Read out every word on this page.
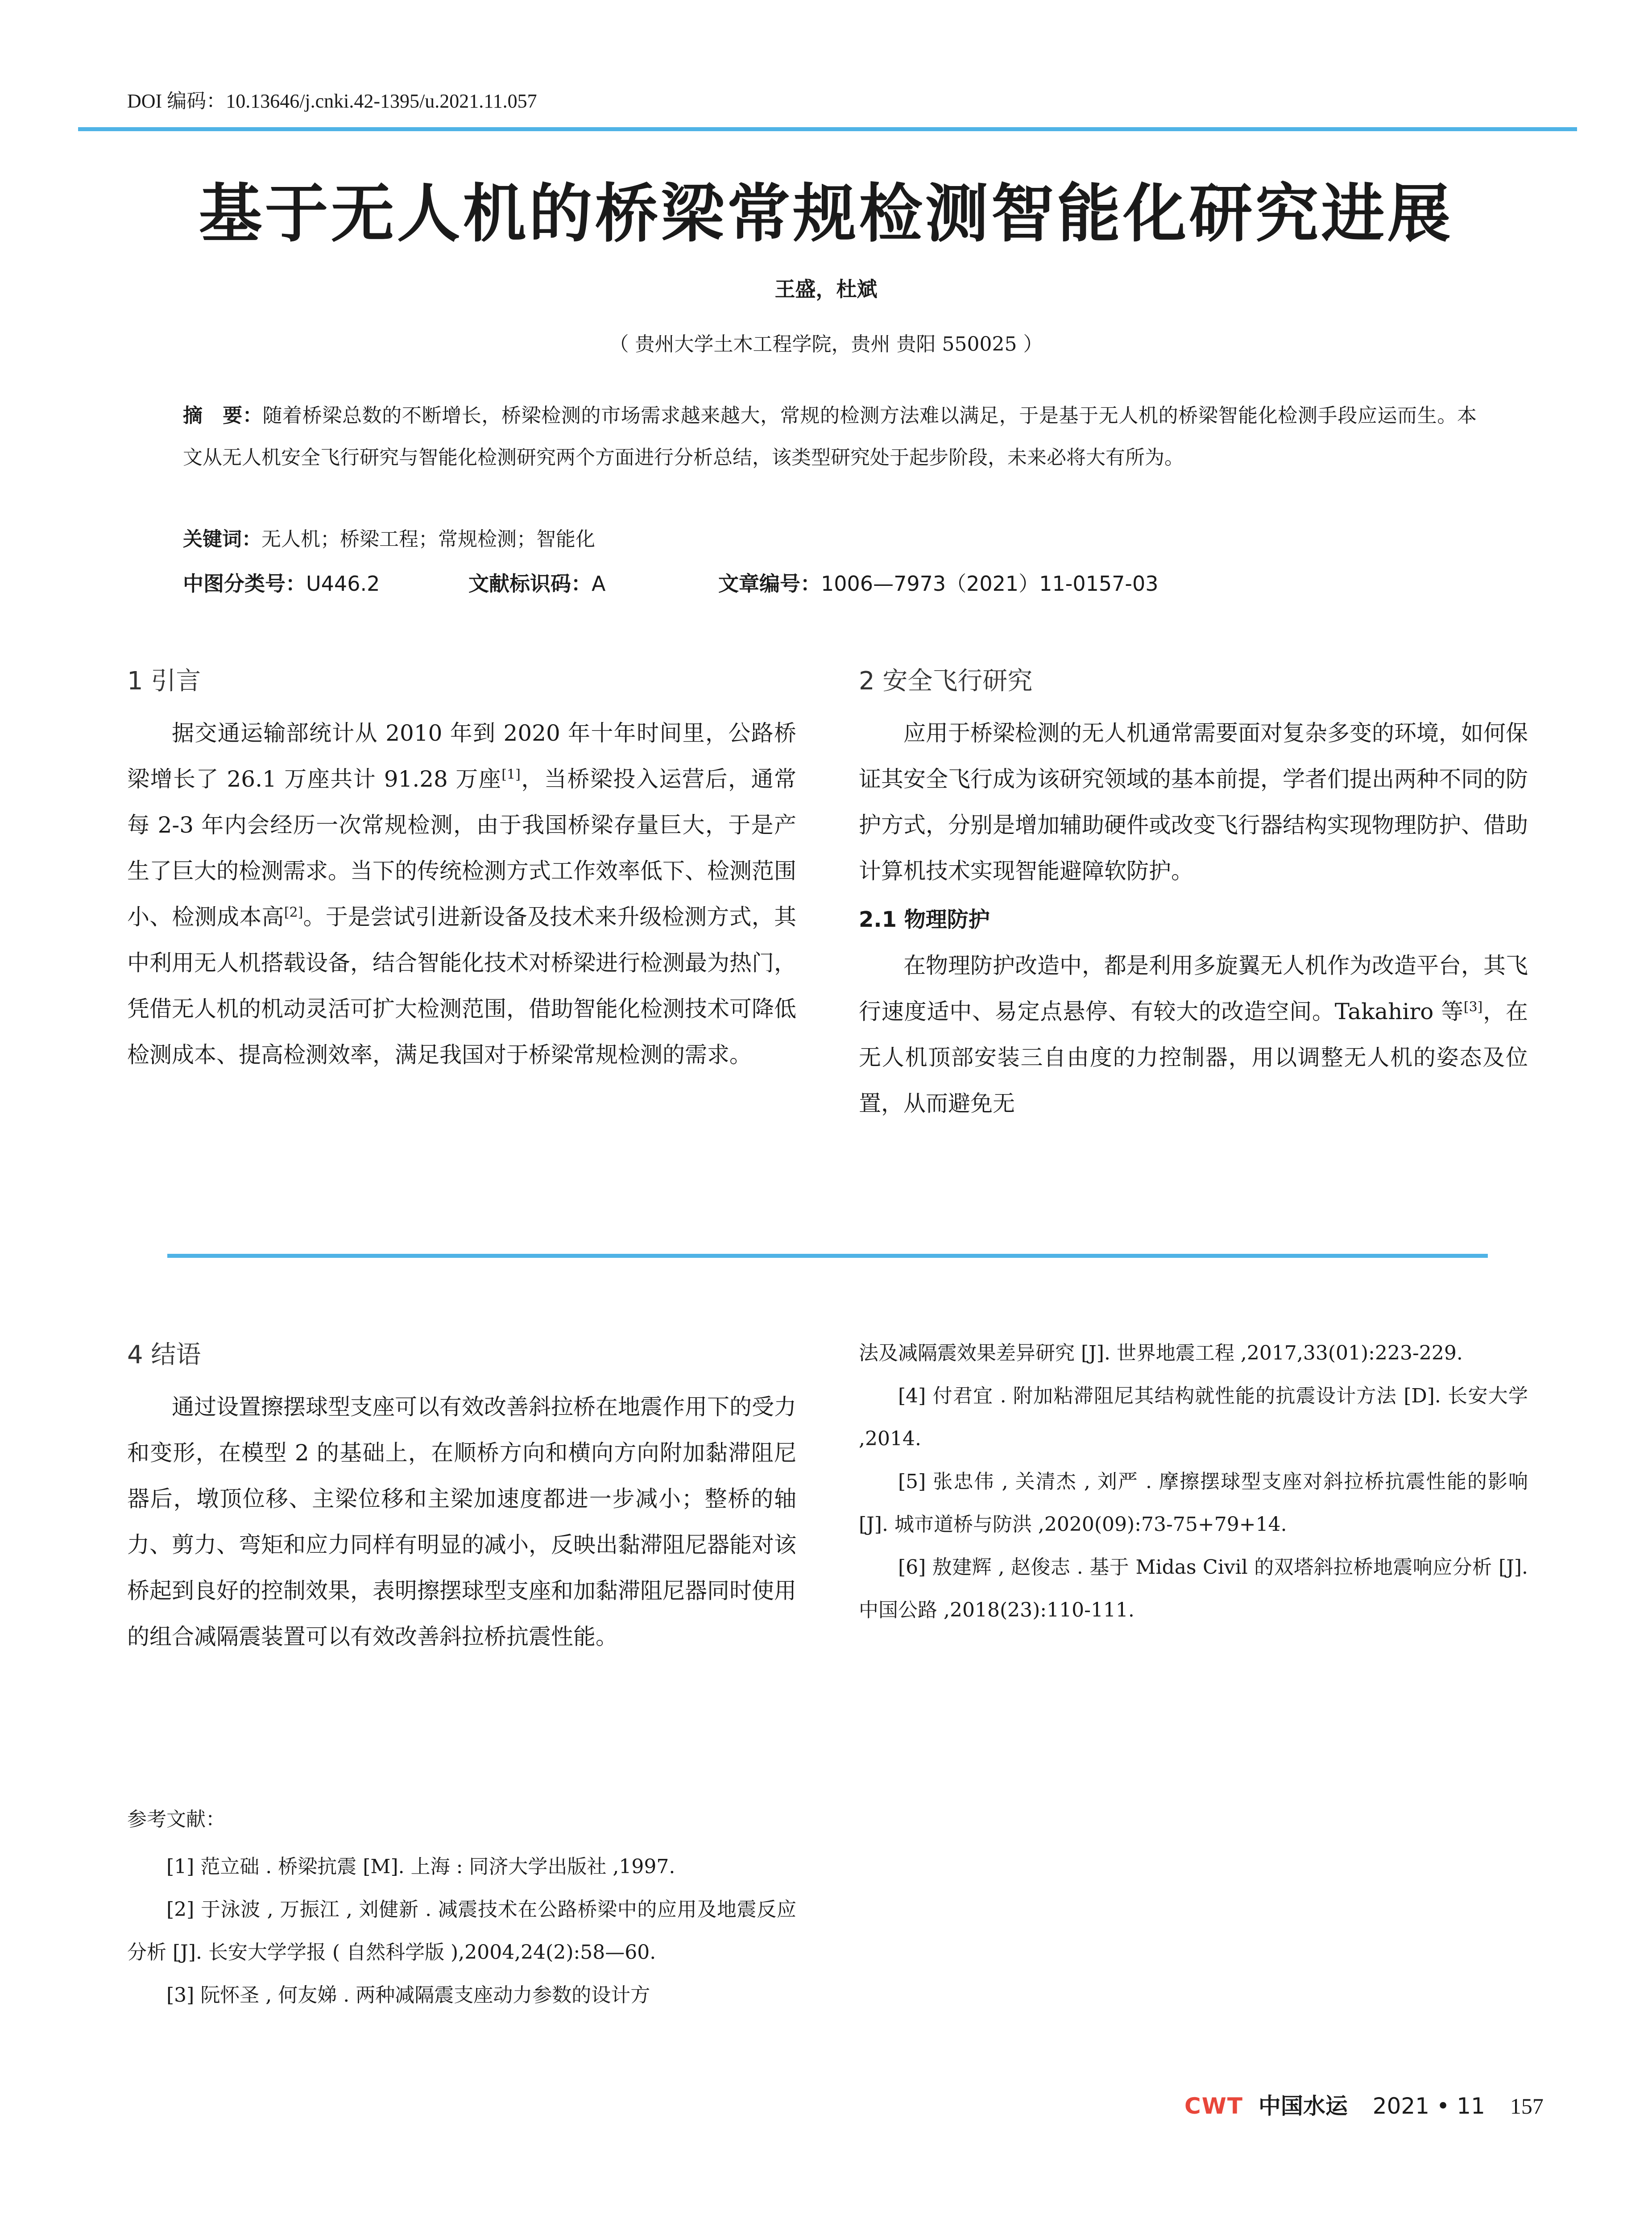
DOI 编码：10.13646/j.cnki.42-1395/u.2021.11.057
基于无人机的桥梁常规检测智能化研究进展
王盛，杜斌
（ 贵州大学土木工程学院，贵州 贵阳 550025 ）
摘　要：随着桥梁总数的不断增长，桥梁检测的市场需求越来越大，常规的检测方法难以满足，于是基于无人机的桥梁智能化检测手段应运而生。本文从无人机安全飞行研究与智能化检测研究两个方面进行分析总结，该类型研究处于起步阶段，未来必将大有所为。
关键词：无人机；桥梁工程；常规检测；智能化
中图分类号：U446.2	文献标识码：A	文章编号：1006—7973（2021）11-0157-03
1 引言

据交通运输部统计从 2010 年到 2020 年十年时间里，公路桥梁增长了 26.1 万座共计 91.28 万座[1]，当桥梁投入运营后，通常每 2-3 年内会经历一次常规检测，由于我国桥梁存量巨大，于是产生了巨大的检测需求。当下的传统检测方式工作效率低下、检测范围小、检测成本高[2]。于是尝试引进新设备及技术来升级检测方式，其中利用无人机搭载设备，结合智能化技术对桥梁进行检测最为热门，凭借无人机的机动灵活可扩大检测范围，借助智能化检测技术可降低检测成本、提高检测效率，满足我国对于桥梁常规检测的需求。

2 安全飞行研究

应用于桥梁检测的无人机通常需要面对复杂多变的环境，如何保证其安全飞行成为该研究领域的基本前提，学者们提出两种不同的防护方式，分别是增加辅助硬件或改变飞行器结构实现物理防护、借助计算机技术实现智能避障软防护。

2.1 物理防护

在物理防护改造中，都是利用多旋翼无人机作为改造平台，其飞行速度适中、易定点悬停、有较大的改造空间。Takahiro 等[3]，在无人机顶部安装三自由度的力控制器，用以调整无人机的姿态及位置，从而避免无

4 结语

通过设置擦摆球型支座可以有效改善斜拉桥在地震作用下的受力和变形，在模型 2 的基础上，在顺桥方向和横向方向附加黏滞阻尼器后，墩顶位移、主梁位移和主梁加速度都进一步减小；整桥的轴力、剪力、弯矩和应力同样有明显的减小，反映出黏滞阻尼器能对该桥起到良好的控制效果，表明擦摆球型支座和加黏滞阻尼器同时使用的组合减隔震装置可以有效改善斜拉桥抗震性能。

参考文献：

[1] 范立础 . 桥梁抗震 [M]. 上海 : 同济大学出版社 ,1997.

[2] 于泳波 , 万振江 , 刘健新 . 减震技术在公路桥梁中的应用及地震反应分析 [J]. 长安大学学报 ( 自然科学版 ),2004,24(2):58—60.

[3] 阮怀圣 , 何友娣 . 两种减隔震支座动力参数的设计方

法及减隔震效果差异研究 [J]. 世界地震工程 ,2017,33(01):223-229.

[4] 付君宜 . 附加粘滞阻尼其结构就性能的抗震设计方法 [D]. 长安大学 ,2014.

[5] 张忠伟 , 关清杰 , 刘严 . 摩擦摆球型支座对斜拉桥抗震性能的影响 [J]. 城市道桥与防洪 ,2020(09):73-75+79+14.

[6] 敖建辉 , 赵俊志 . 基于 Midas Civil 的双塔斜拉桥地震响应分析 [J]. 中国公路 ,2018(23):110-111.

CWT 中国水运 2021 • 11 157
